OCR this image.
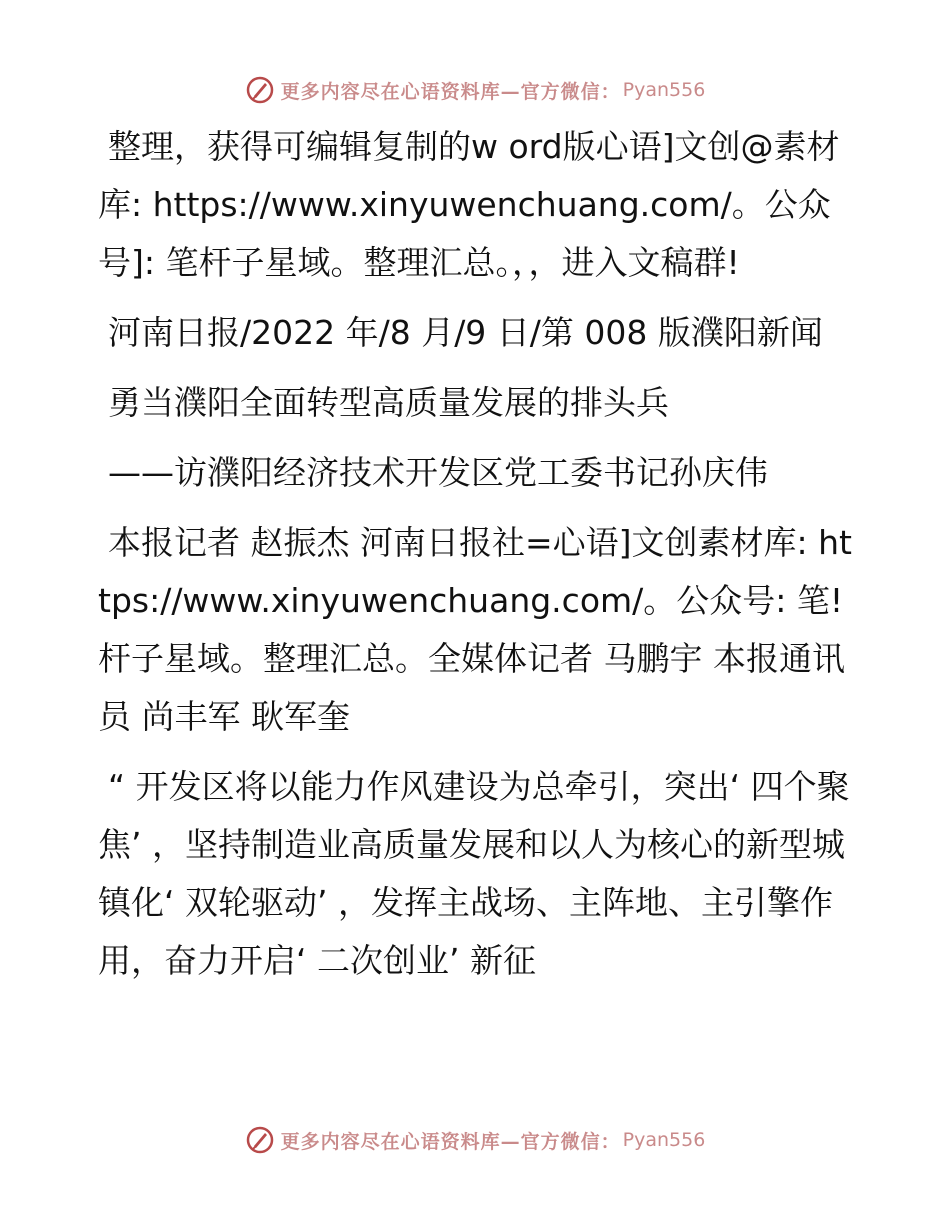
更多内容尽在心语资料库—官方微信： Pyan556

整理，获得可编辑复制的w ord版心语]文创@素材库: https://www.xinyuwenchuang.com/。公众号]: 笔杆子星域。整理汇总。，，进入文稿群!

河南日报/2022 年/8 月/9 日/第 008 版濮阳新闻

勇当濮阳全面转型高质量发展的排头兵

——访濮阳经济技术开发区党工委书记孙庆伟

本报记者 赵振杰 河南日报社=心语]文创素材库: https://www.xinyuwenchuang.com/。公众号: 笔! 杆子星域。整理汇总。全媒体记者 马鹏宇 本报通讯员 尚丰军 耿军奎

“ 开发区将以能力作风建设为总牵引，突出‘ 四个聚焦’ ，坚持制造业高质量发展和以人为核心的新型城镇化‘ 双轮驱动’ ，发挥主战场、主阵地、主引擎作用，奋力开启‘ 二次创业’ 新征

更多内容尽在心语资料库—官方微信： Pyan556
